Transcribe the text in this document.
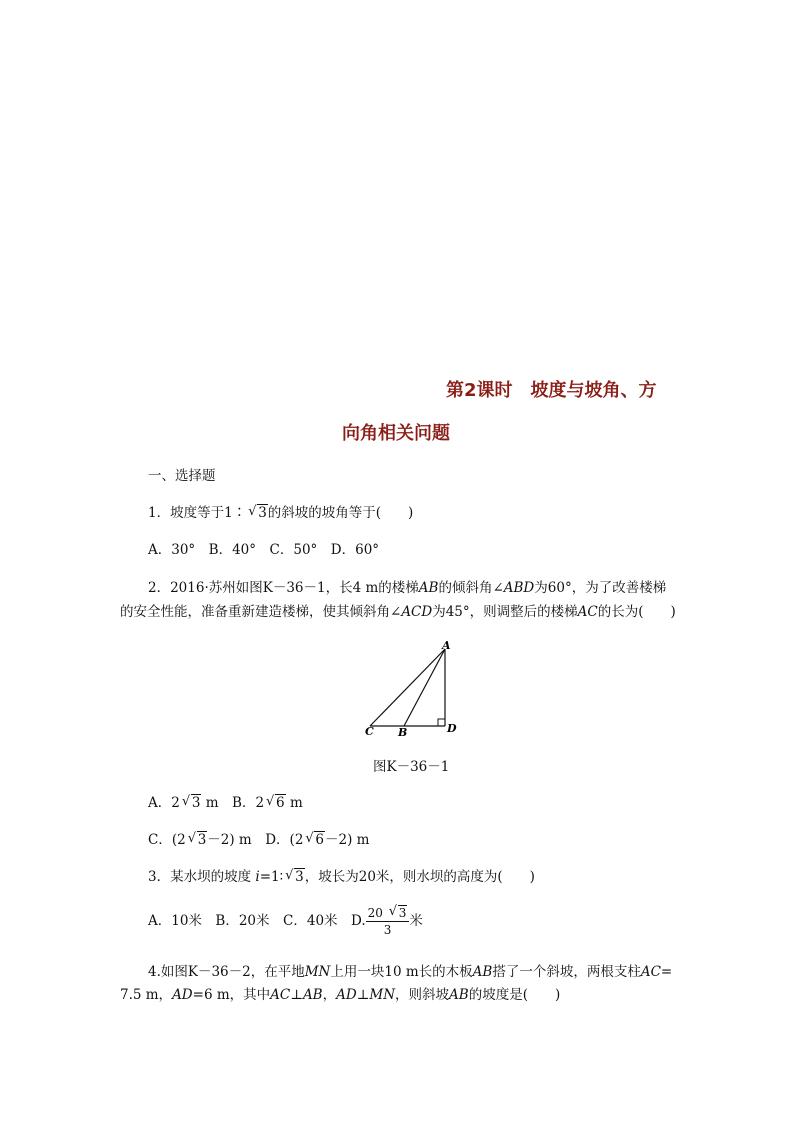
第2课时　坡度与坡角、方
向角相关问题
一、选择题
1．坡度等于1∶ √ 3的斜坡的坡角等于(　　)
A．30°　B．40°　C．50°　D．60°
2．2016·苏州如图K－36－1，长4 m的楼梯AB的倾斜角∠ABD为60°，为了改善楼梯
的安全性能，准备重新建造楼梯，使其倾斜角∠ACD为45°，则调整后的楼梯AC的长为(　　)
A
B
C	D
图K－36－1
A．2 √ 3 m　B．2 √ 6 m
C．(2 √ 3－2) m　D．(2 √ 6－2) m
3．某水坝的坡度 i=1∶ √ 3，坡长为20米，则水坝的高度为(　　)
A．10米　B．20米　C．40米　D. $\frac{20 √ 3}{3}$ 米
4.如图K－36－2，在平地MN上用一块10 m长的木板AB搭了一个斜坡，两根支柱AC=
7.5 m，AD=6 m，其中AC⊥AB，AD⊥MN，则斜坡AB的坡度是(　　)
